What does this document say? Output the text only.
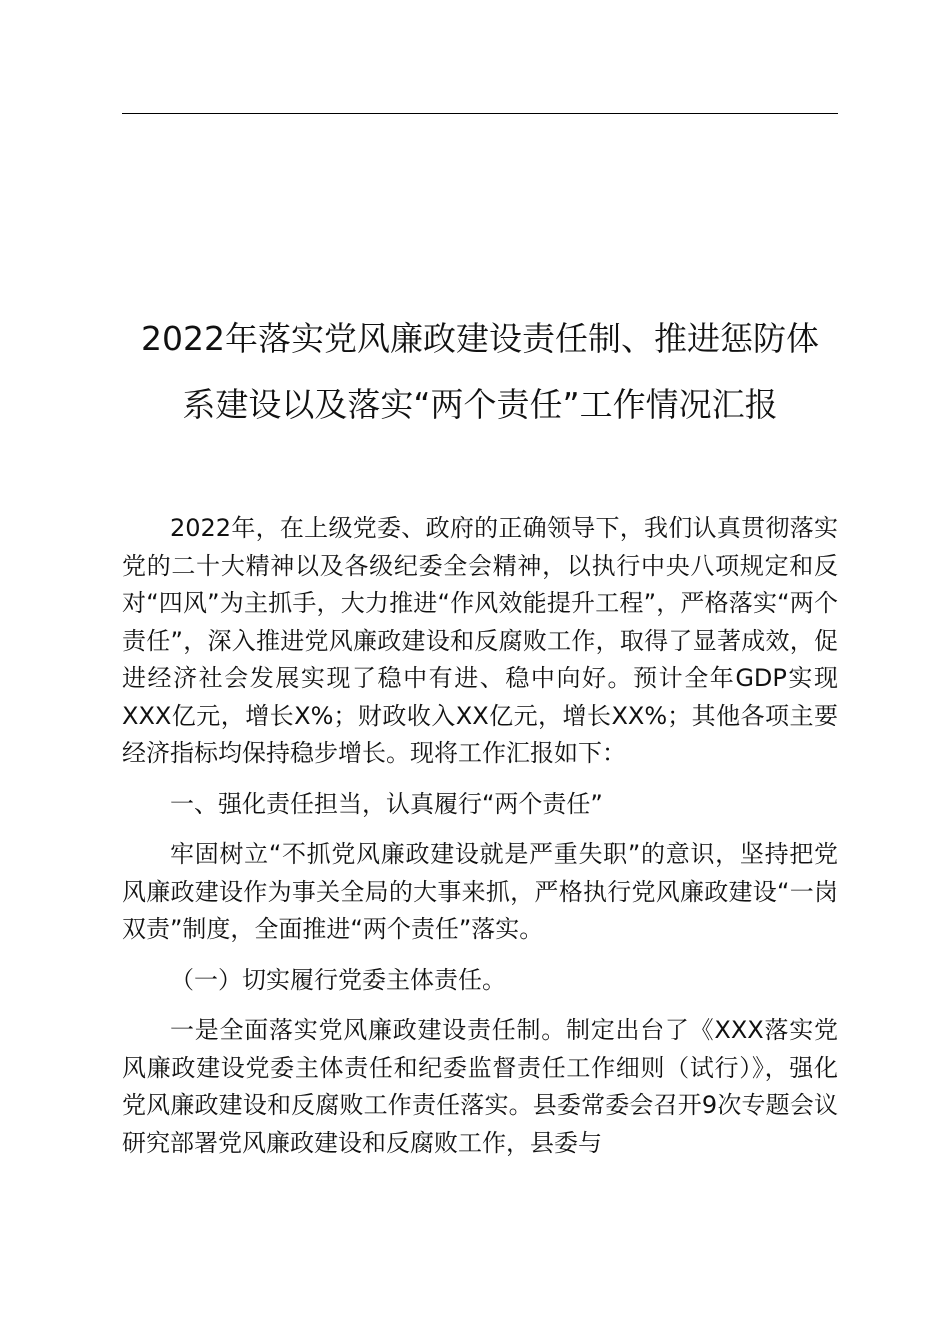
2022年落实党风廉政建设责任制、推进惩防体
系建设以及落实“两个责任”工作情况汇报

2022年，在上级党委、政府的正确领导下，我们认真贯彻落实党的二十大精神以及各级纪委全会精神，以执行中央八项规定和反对“四风”为主抓手，大力推进“作风效能提升工程”，严格落实“两个责任”，深入推进党风廉政建设和反腐败工作，取得了显著成效，促进经济社会发展实现了稳中有进、稳中向好。预计全年GDP实现XXX亿元，增长X%；财政收入XX亿元，增长XX%；其他各项主要经济指标均保持稳步增长。现将工作汇报如下：

一、强化责任担当，认真履行“两个责任”

牢固树立“不抓党风廉政建设就是严重失职”的意识，坚持把党风廉政建设作为事关全局的大事来抓，严格执行党风廉政建设“一岗双责”制度，全面推进“两个责任”落实。

（一）切实履行党委主体责任。

一是全面落实党风廉政建设责任制。制定出台了《XXX落实党风廉政建设党委主体责任和纪委监督责任工作细则（试行）》，强化党风廉政建设和反腐败工作责任落实。县委常委会召开9次专题会议研究部署党风廉政建设和反腐败工作，县委与
